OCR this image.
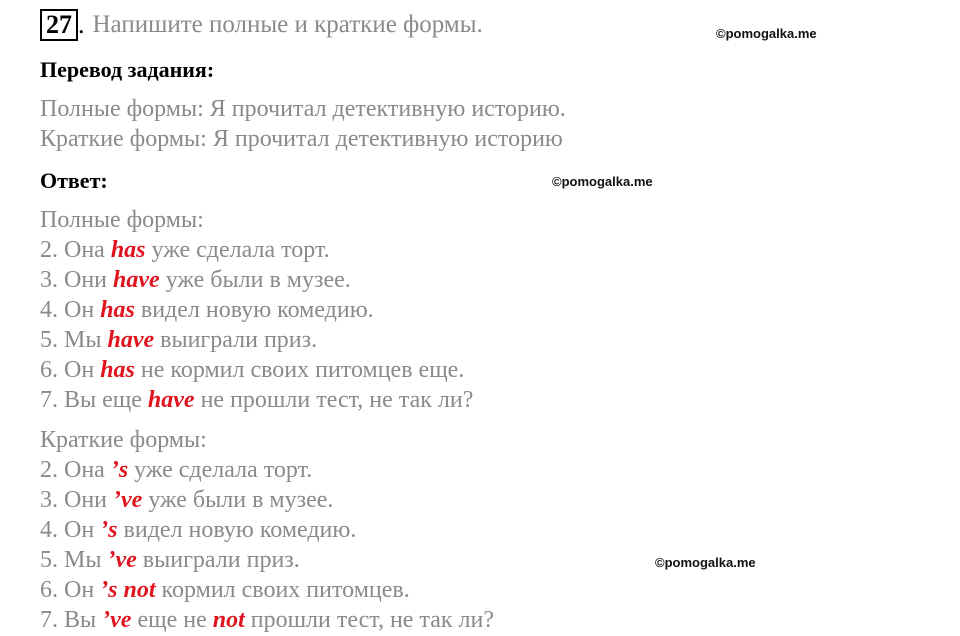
27 . Напишите полные и краткие формы.	©pomogalka.me
©pomogalka.me
©pomogalka.me
Перевод задания:
Полные формы: Я прочитал детективную историю.
Краткие формы: Я прочитал детективную историю
Ответ:
Полные формы:
2. Она has уже сделала торт.
3. Они have уже были в музее.
4. Он has видел новую комедию.
5. Мы have выиграли приз.
6. Он has не кормил своих питомцев еще.
7. Вы еще have не прошли тест, не так ли?
Краткие формы:
2. Она ’s уже сделала торт.
3. Они ’ve уже были в музее.
4. Он ’s видел новую комедию.
5. Мы ’ve выиграли приз.
6. Он ’s not кормил своих питомцев.
7. Вы ’ve еще не not прошли тест, не так ли?
